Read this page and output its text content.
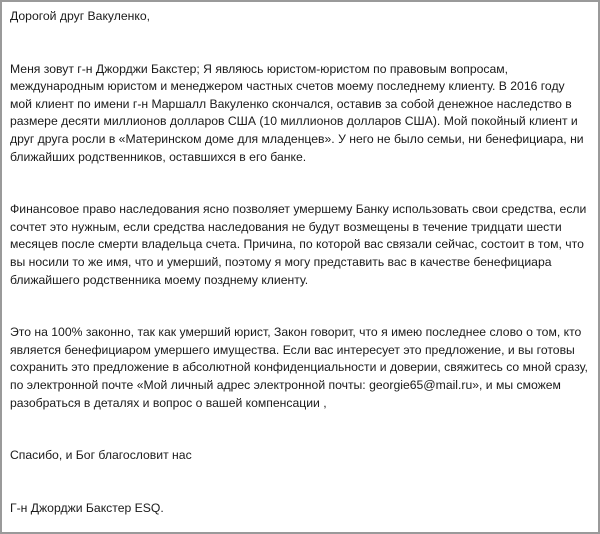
Дорогой друг Вакуленко,

Меня зовут г-н Джорджи Бакстер; Я являюсь юристом-юристом по правовым вопросам, международным юристом и менеджером частных счетов моему последнему клиенту. В 2016 году мой клиент по имени г-н Маршалл Вакуленко скончался, оставив за собой денежное наследство в размере десяти миллионов долларов США (10 миллионов долларов США). Мой покойный клиент и друг друга росли в «Материнском доме для младенцев». У него не было семьи, ни бенефициара, ни ближайших родственников, оставшихся в его банке.

Финансовое право наследования ясно позволяет умершему Банку использовать свои средства, если сочтет это нужным, если средства наследования не будут возмещены в течение тридцати шести месяцев после смерти владельца счета. Причина, по которой вас связали сейчас, состоит в том, что вы носили то же имя, что и умерший, поэтому я могу представить вас в качестве бенефициара ближайшего родственника моему позднему клиенту.

Это на 100% законно, так как умерший юрист, Закон говорит, что я имею последнее слово о том, кто является бенефициаром умершего имущества. Если вас интересует это предложение, и вы готовы сохранить это предложение в абсолютной конфиденциальности и доверии, свяжитесь со мной сразу, по электронной почте «Мой личный адрес электронной почты: georgie65@mail.ru», и мы сможем разобраться в деталях и вопрос о вашей компенсации ,

Спасибо, и Бог благословит нас

Г-н Джорджи Бакстер ESQ.
